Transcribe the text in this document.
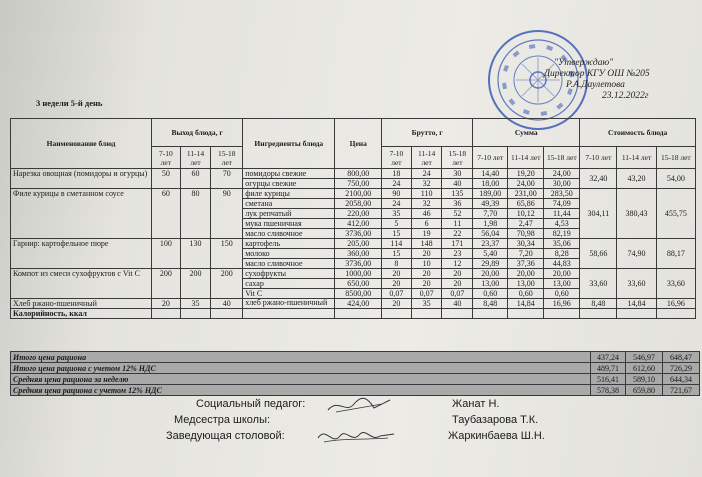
"Утверждаю"
Директор КГУ ОШ №205
Р.А.Даулетова
23.12.2022г
3 недели 5-й день
Наименование блюд	Выход блюда, г			Ингредиенты блюда	Цена	Брутто, г			Сумма			Стоимость блюда		
	7-10 лет	11-14 лет	15-18 лет			7-10 лет	11-14 лет	15-18 лет	7-10 лет	11-14 лет	15-18 лет	7-10 лет	11-14 лет	15-18 лет
Нарезка овощная (помидоры и огурцы)	50	60	70	помидоры свежие	800,00	18	24	30	14,40	19,20	24,00	32,40	43,20	54,00
				огурцы свежие	750,00	24	32	40	18,00	24,00	30,00			
Филе курицы в сметанном соусе	60	80	90	филе курицы	2100,00	90	110	135	189,00	231,00	283,50	304,11	380,43	455,75
				сметана	2058,00	24	32	36	49,39	65,86	74,09			
				лук репчатый	220,00	35	46	52	7,70	10,12	11,44			
				мука пшеничная	412,00	5	6	11	1,98	2,47	4,53			
				масло сливочное	3736,00	15	19	22	56,04	70,98	82,19			
Гарнир: картофельное пюре	100	130	150	картофель	205,00	114	148	171	23,37	30,34	35,06	58,66	74,90	88,17
				молоко	360,00	15	20	23	5,40	7,20	8,28			
				масло сливочное	3736,00	8	10	12	29,89	37,36	44,83			
Компот из смеси сухофруктов с Vit C	200	200	200	сухофрукты	1000,00	20	20	20	20,00	20,00	20,00	33,60	33,60	33,60
				сахар	650,00	20	20	20	13,00	13,00	13,00			
				Vit C	8500,00	0,07	0,07	0,07	0,60	0,60	0,60			
Хлеб ржано-пшеничный	20	35	40	хлеб ржано-пшеничный	424,00	20	35	40	8,48	14,84	16,96	8,48	14,84	16,96
Калорийность, ккал														
Итого цена рациона	437,24	546,97	648,47
Итого цена рациона с учетом 12% НДС	489,71	612,60	726,29
Средняя цена рациона за неделю	516,41	589,10	644,34
Средняя цена рациона с учетом 12% НДС	578,38	659,80	721,67
Социальный педагог:	Жанат Н.
Медсестра школы:	Таубазарова Т.К.
Заведующая столовой:	Жаркинбаева Ш.Н.
